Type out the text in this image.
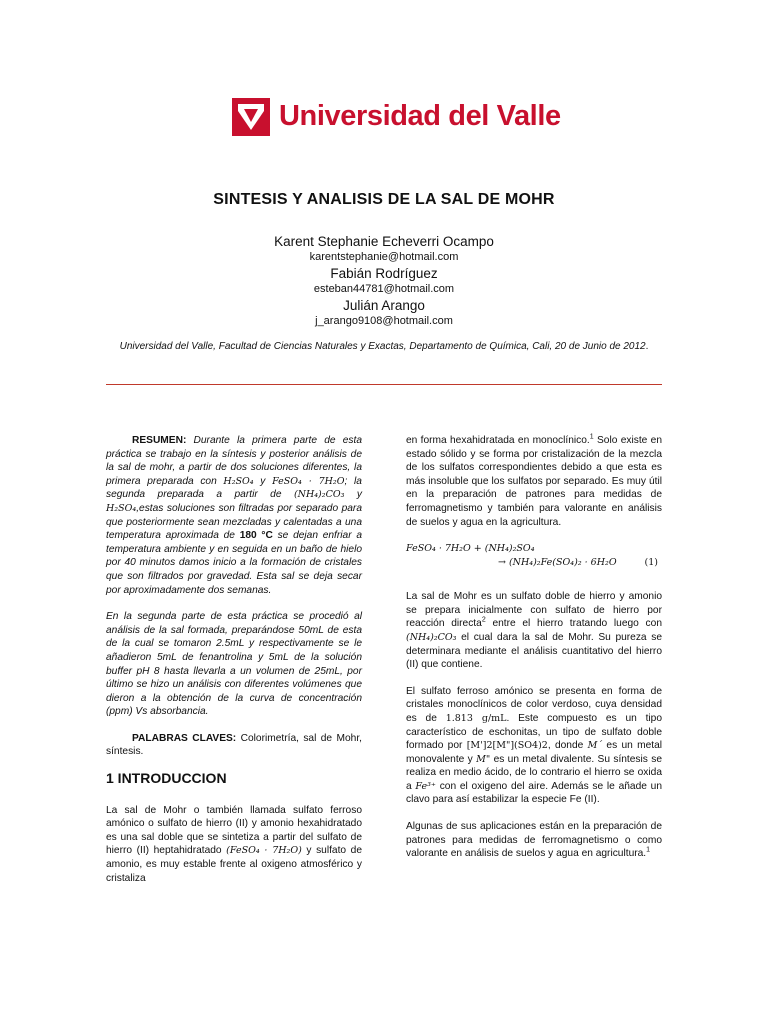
Universidad del Valle
SINTESIS Y ANALISIS DE LA SAL DE MOHR
Karent Stephanie Echeverri Ocampo
karentstephanie@hotmail.com
Fabián Rodríguez
esteban44781@hotmail.com
Julián Arango
j_arango9108@hotmail.com
Universidad del Valle, Facultad de Ciencias Naturales y Exactas, Departamento de Química, Cali, 20 de Junio de 2012.

RESUMEN: Durante la primera parte de esta práctica se trabajo en la síntesis y posterior análisis de la sal de mohr, a partir de dos soluciones diferentes, la primera preparada con H₂SO₄ y FeSO₄ · 7H₂O; la segunda preparada a partir de (NH₄)₂CO₃ y H₂SO₄,estas soluciones son filtradas por separado para que posteriormente sean mezcladas y calentadas a una temperatura aproximada de 180 °C se dejan enfriar a temperatura ambiente y en seguida en un baño de hielo por 40 minutos damos inicio a la formación de cristales que son filtrados por gravedad. Esta sal se deja secar por aproximadamente dos semanas.

En la segunda parte de esta práctica se procedió al análisis de la sal formada, preparándose 50mL de esta de la cual se tomaron 2.5mL y respectivamente se le añadieron 5mL de fenantrolina y 5mL de la solución buffer pH 8 hasta llevarla a un volumen de 25mL, por último se hizo un análisis con diferentes volúmenes que dieron a la obtención de la curva de concentración (ppm) Vs absorbancia.

PALABRAS CLAVES: Colorimetría, sal de Mohr, síntesis.

1 INTRODUCCION

La sal de Mohr o también llamada sulfato ferroso amónico o sulfato de hierro (II) y amonio hexahidratado es una sal doble que se sintetiza a partir del sulfato de hierro (II) heptahidratado (FeSO₄ · 7H₂O) y sulfato de amonio, es muy estable frente al oxigeno atmosférico y cristaliza

en forma hexahidratada en monoclínico.$^1$ Solo existe en estado sólido y se forma por cristalización de la mezcla de los sulfatos correspondientes debido a que esta es más insoluble que los sulfatos por separado. Es muy útil en la preparación de patrones para medidas de ferromagnetismo y también para valorante en análisis de suelos y agua en la agricultura.

FeSO₄ · 7H₂O + (NH₄)₂SO₄
→ (NH₄)₂Fe(SO₄)₂ · 6H₂O	(1)

La sal de Mohr es un sulfato doble de hierro y amonio se prepara inicialmente con sulfato de hierro por reacción directa$^2$ entre el hierro tratando luego con (NH₄)₂CO₃ el cual dara la sal de Mohr. Su pureza se determinara mediante el análisis cuantitativo del hierro (II) que contiene.

El sulfato ferroso amónico se presenta en forma de cristales monoclínicos de color verdoso, cuya densidad es de 1.813 g/mL. Este compuesto es un tipo característico de eschonitas, un tipo de sulfato doble formado por [M']2[M"](SO4)2, donde M´ es un metal monovalente y M" es un metal divalente. Su síntesis se realiza en medio ácido, de lo contrario el hierro se oxida a Fe³⁺ con el oxigeno del aire. Además se le añade un clavo para así estabilizar la especie Fe (II).

Algunas de sus aplicaciones están en la preparación de patrones para medidas de ferromagnetismo o como valorante en análisis de suelos y agua en agricultura.$^1$
